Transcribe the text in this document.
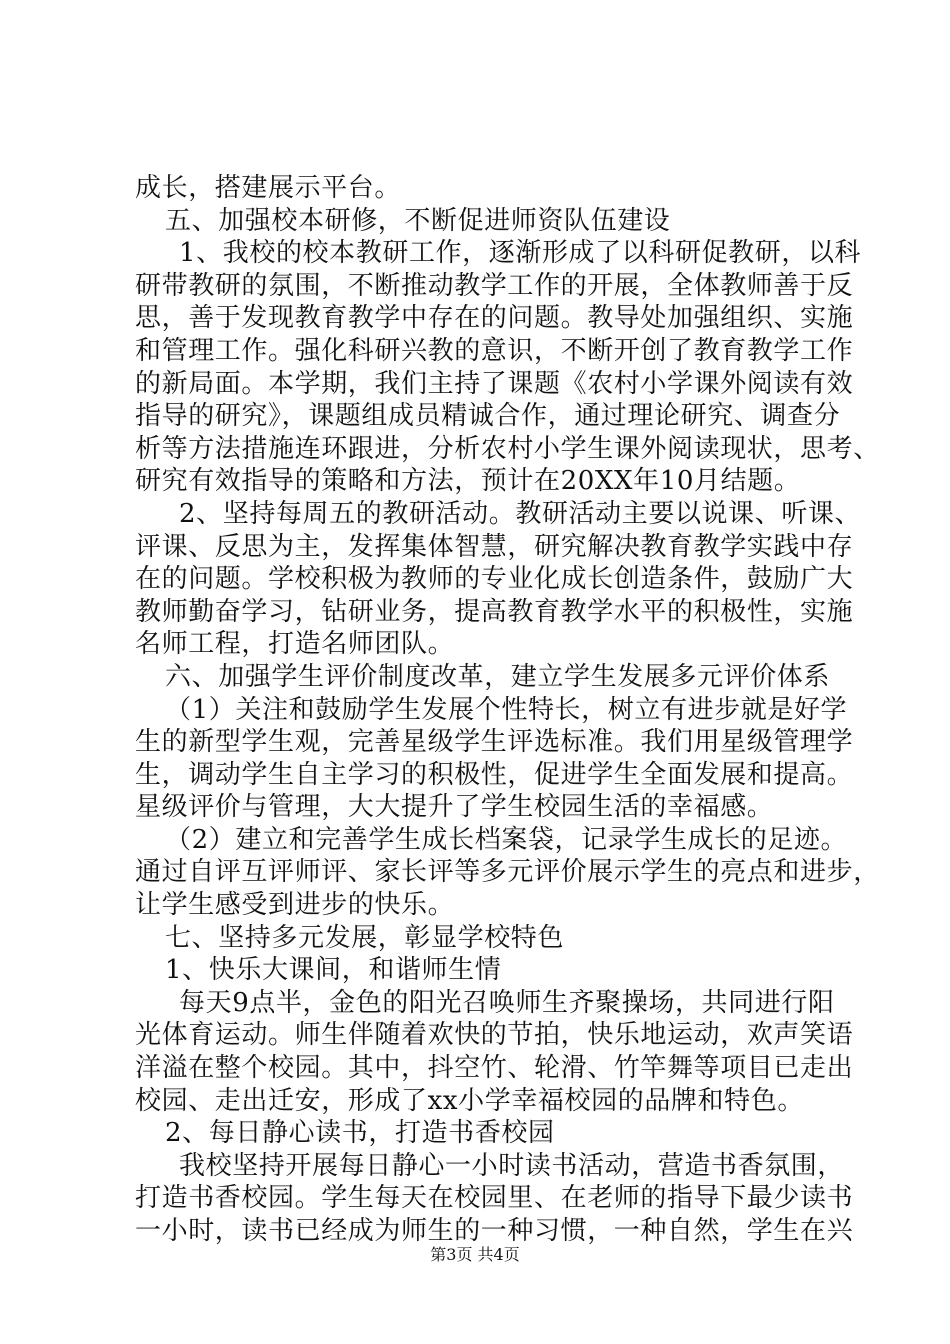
成长，搭建展示平台。
五、加强校本研修，不断促进师资队伍建设
1、我校的校本教研工作，逐渐形成了以科研促教研，以科
研带教研的氛围，不断推动教学工作的开展，全体教师善于反
思，善于发现教育教学中存在的问题。教导处加强组织、实施
和管理工作。强化科研兴教的意识，不断开创了教育教学工作
的新局面。本学期，我们主持了课题《农村小学课外阅读有效
指导的研究》，课题组成员精诚合作，通过理论研究、调查分
析等方法措施连环跟进，分析农村小学生课外阅读现状，思考、
研究有效指导的策略和方法，预计在20XX年10月结题。
2、坚持每周五的教研活动。教研活动主要以说课、听课、
评课、反思为主，发挥集体智慧，研究解决教育教学实践中存
在的问题。学校积极为教师的专业化成长创造条件，鼓励广大
教师勤奋学习，钻研业务，提高教育教学水平的积极性，实施
名师工程，打造名师团队。
六、加强学生评价制度改革，建立学生发展多元评价体系
（1）关注和鼓励学生发展个性特长，树立有进步就是好学
生的新型学生观，完善星级学生评选标准。我们用星级管理学
生，调动学生自主学习的积极性，促进学生全面发展和提高。
星级评价与管理，大大提升了学生校园生活的幸福感。
（2）建立和完善学生成长档案袋，记录学生成长的足迹。
通过自评互评师评、家长评等多元评价展示学生的亮点和进步，
让学生感受到进步的快乐。
七、坚持多元发展，彰显学校特色
1、快乐大课间，和谐师生情
每天9点半，金色的阳光召唤师生齐聚操场，共同进行阳
光体育运动。师生伴随着欢快的节拍，快乐地运动，欢声笑语
洋溢在整个校园。其中，抖空竹、轮滑、竹竿舞等项目已走出
校园、走出迁安，形成了xx小学幸福校园的品牌和特色。
2、每日静心读书，打造书香校园
我校坚持开展每日静心一小时读书活动，营造书香氛围，
打造书香校园。学生每天在校园里、在老师的指导下最少读书
一小时，读书已经成为师生的一种习惯，一种自然，学生在兴
第3页 共4页
